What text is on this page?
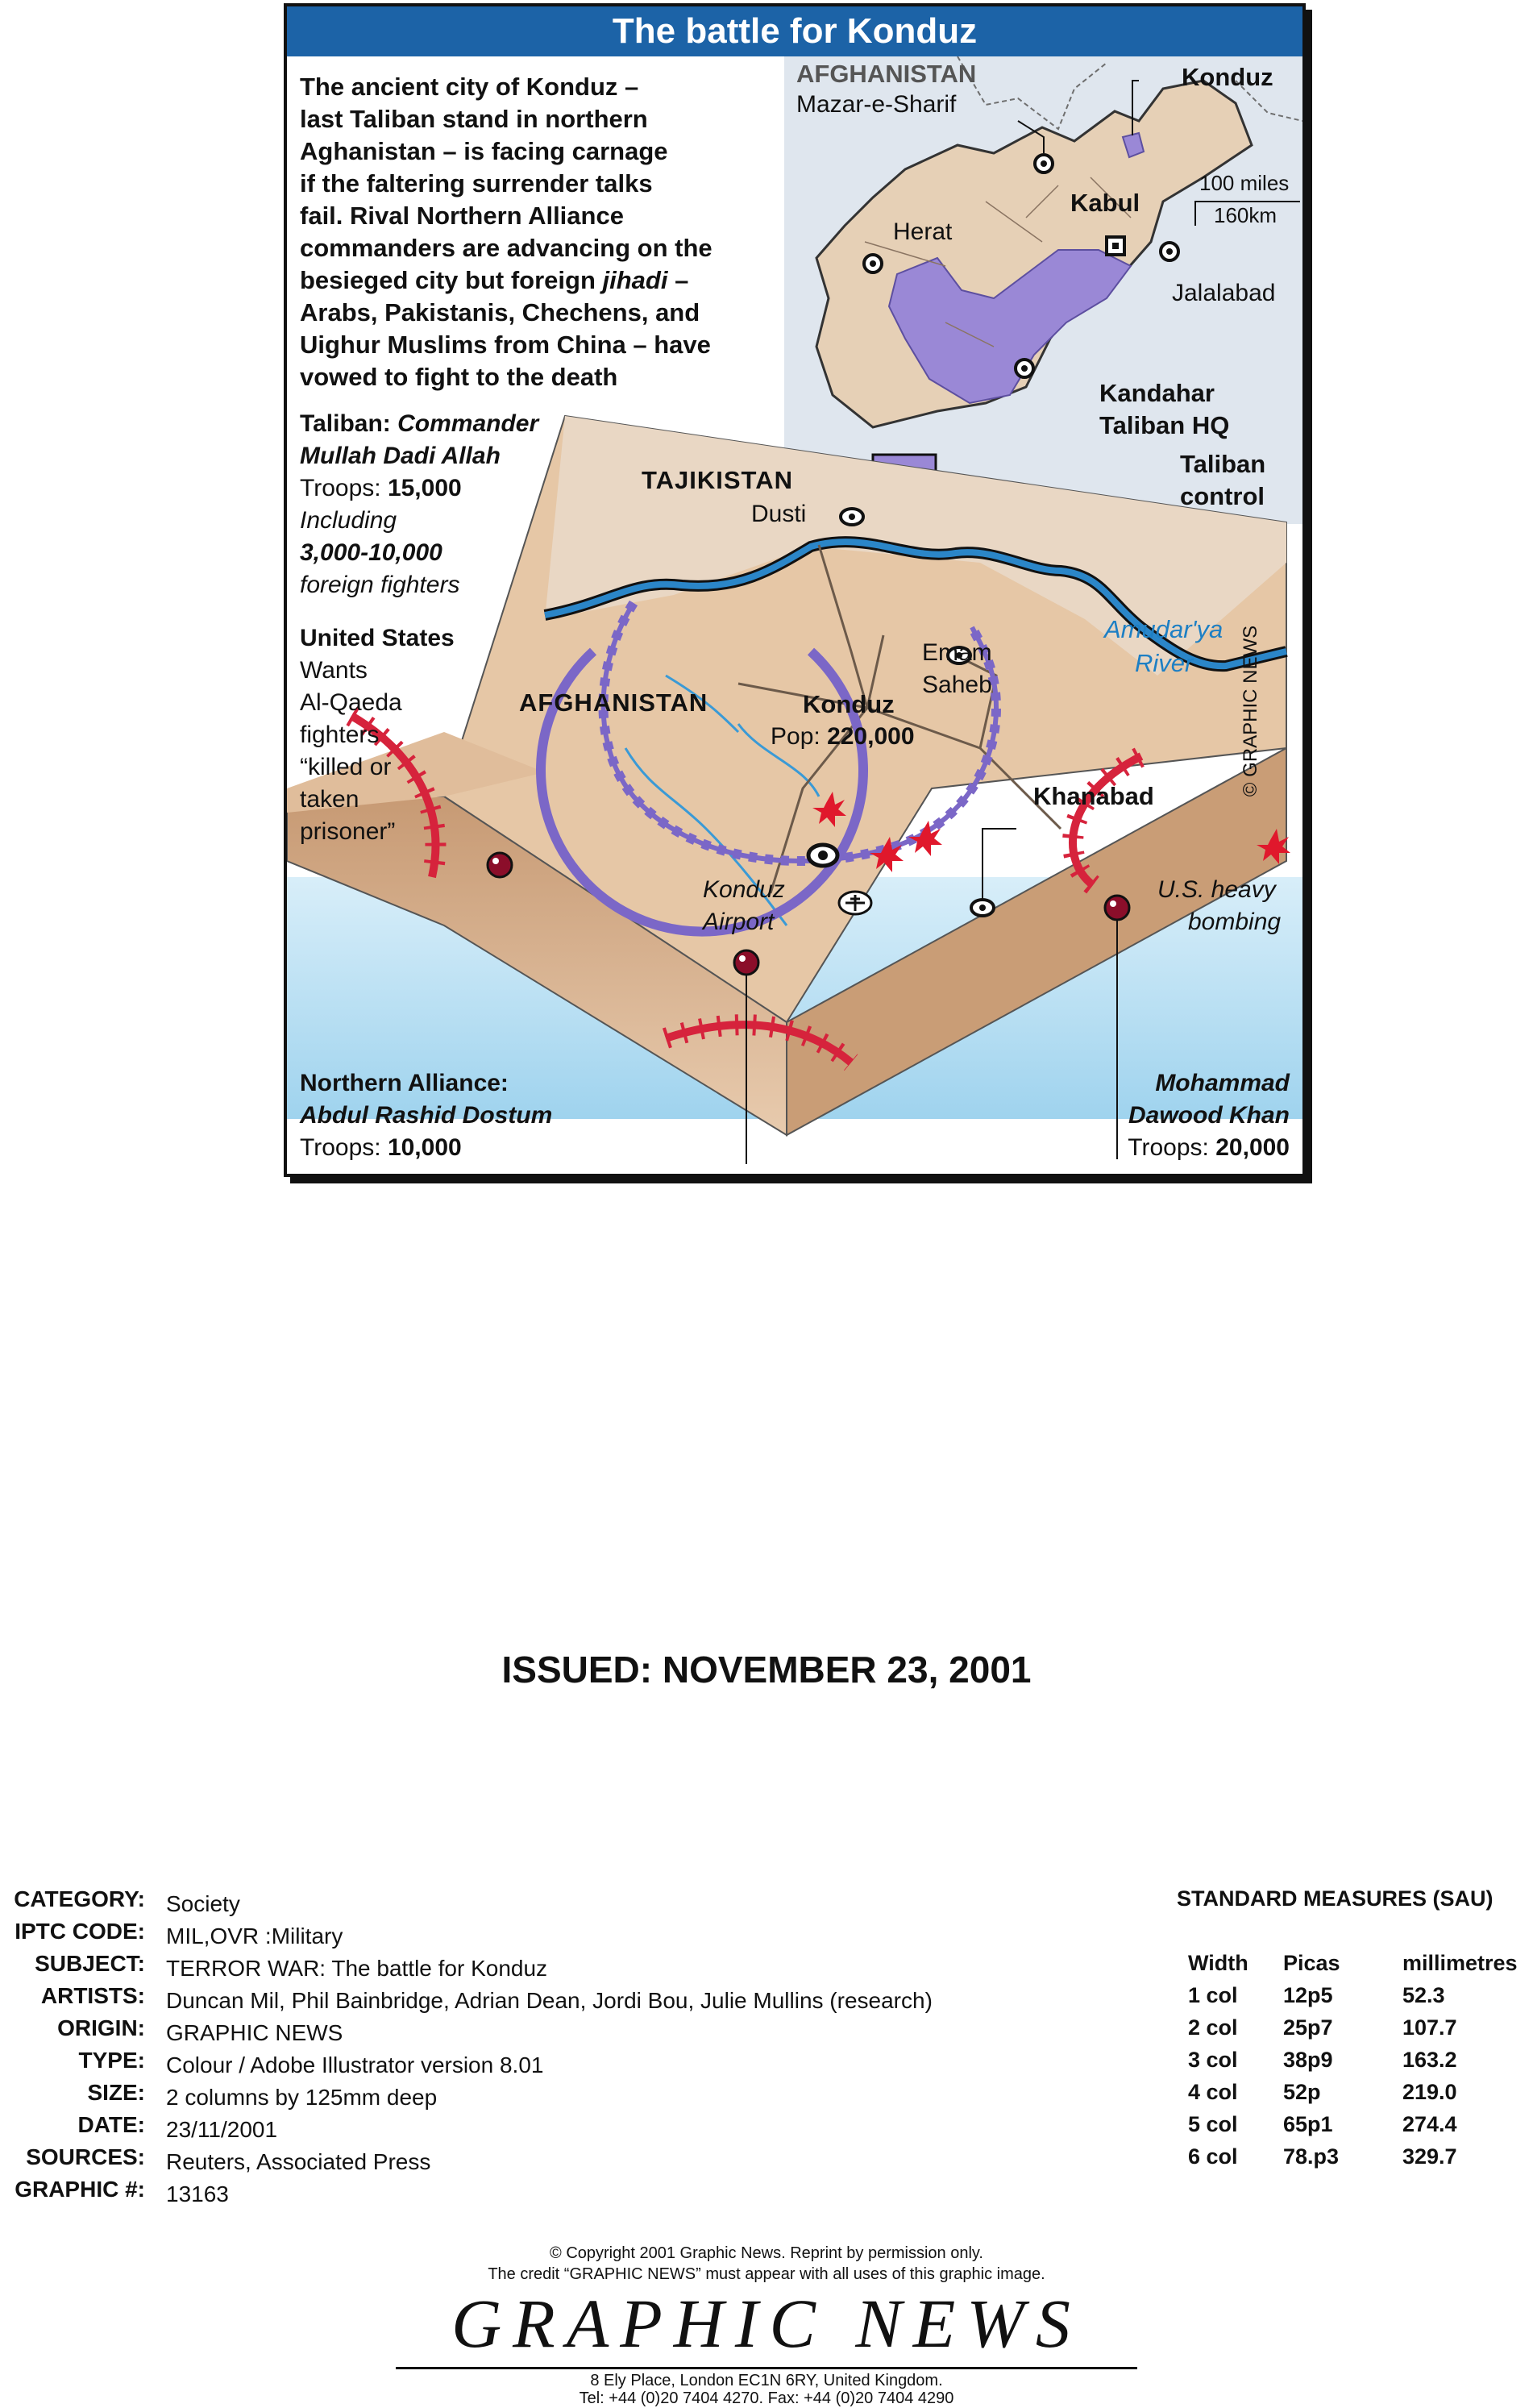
The battle for Konduz
AFGHANISTAN
Mazar-e-Sharif
Konduz
Herat
Kabul
100 miles
160km
Jalalabad
Kandahar
Taliban HQ
Taliban
control
The ancient city of Konduz –
last Taliban stand in northern
Aghanistan – is facing carnage
if the faltering surrender talks
fail. Rival Northern Alliance
commanders are advancing on the
besieged city but foreign jihadi –
Arabs, Pakistanis, Chechens, and
Uighur Muslims from China – have
vowed to fight to the death
Taliban: Commander
Mullah Dadi Allah
Troops: 15,000
Including
3,000-10,000
foreign fighters
United States
Wants
Al-Qaeda
fighters
“killed or
taken
prisoner”
TAJIKISTAN
Dusti
AFGHANISTAN
Emam
Saheb
Konduz
Pop: 220,000
Khanabad
Konduz
Airport
Amudar'ya
River
U.S. heavy
bombing
© GRAPHIC NEWS
Northern Alliance:
Abdul Rashid Dostum
Troops: 10,000
Mohammad
Dawood Khan
Troops: 20,000
ISSUED: NOVEMBER 23, 2001
CATEGORY: Society
IPTC CODE: MIL,OVR :Military
SUBJECT: TERROR WAR: The battle for Konduz
ARTISTS: Duncan Mil, Phil Bainbridge, Adrian Dean, Jordi Bou, Julie Mullins (research)
ORIGIN: GRAPHIC NEWS
TYPE: Colour / Adobe Illustrator version 8.01
SIZE: 2 columns by 125mm deep
DATE: 23/11/2001
SOURCES: Reuters, Associated Press
GRAPHIC #: 13163
STANDARD MEASURES (SAU)
Width Picas	millimetres
1 col 12p5	52.3
2 col 25p7	107.7
3 col 38p9	163.2
4 col 52p	219.0
5 col 65p1	274.4
6 col 78.p3	329.7
© Copyright 2001 Graphic News. Reprint by permission only.
The credit “GRAPHIC NEWS” must appear with all uses of this graphic image.
GRAPHIC NEWS
8 Ely Place, London EC1N 6RY, United Kingdom.
Tel: +44 (0)20 7404 4270. Fax: +44 (0)20 7404 4290
